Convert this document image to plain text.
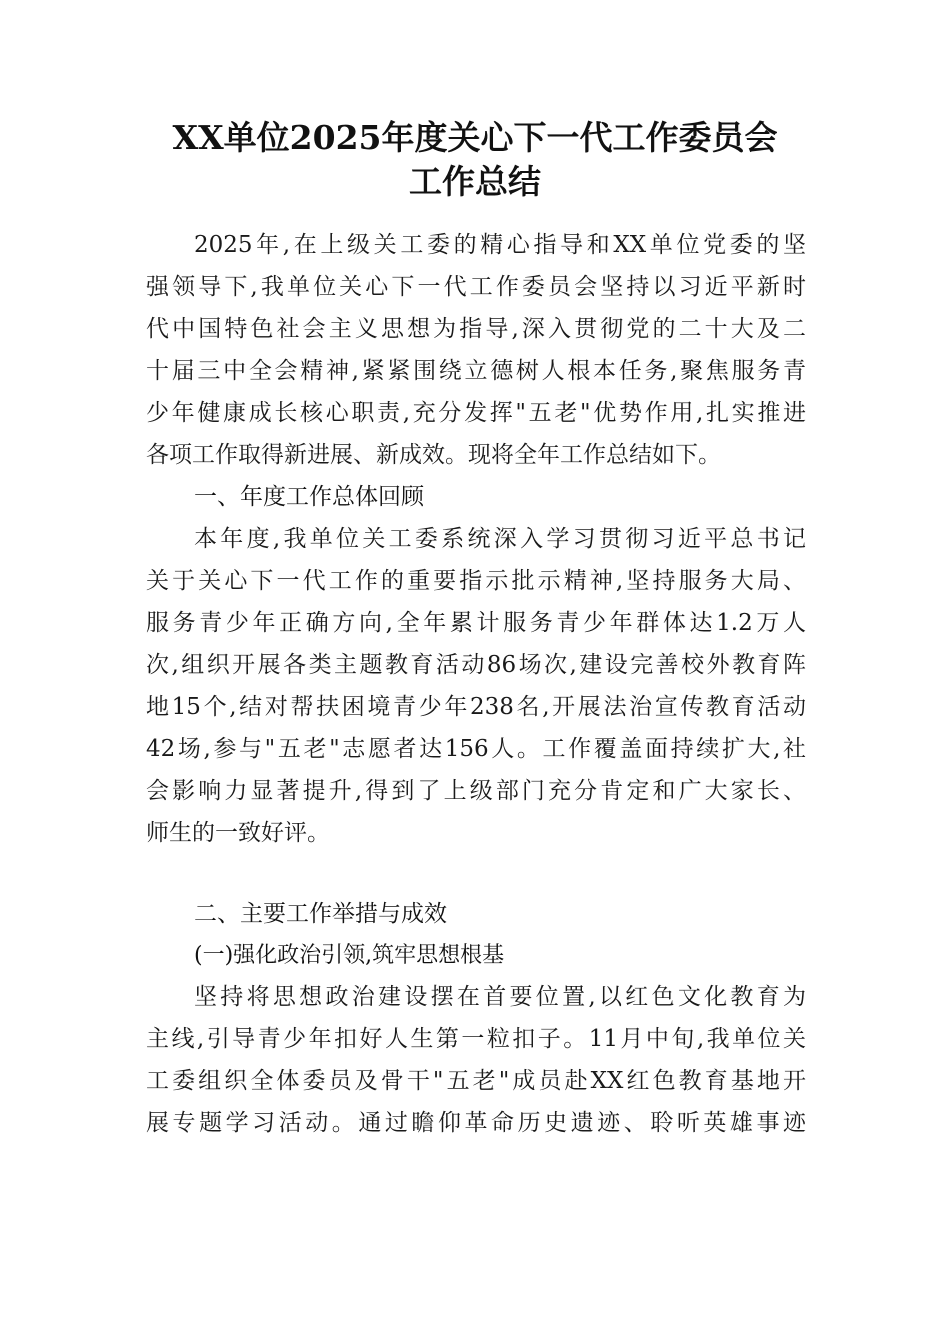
XX单位2025年度关心下一代工作委员会
工作总结
2025年,在上级关工委的精心指导和XX单位党委的坚
强领导下,我单位关心下一代工作委员会坚持以习近平新时
代中国特色社会主义思想为指导,深入贯彻党的二十大及二
十届三中全会精神,紧紧围绕立德树人根本任务,聚焦服务青
少年健康成长核心职责,充分发挥"五老"优势作用,扎实推进
各项工作取得新进展、新成效。现将全年工作总结如下。
一、年度工作总体回顾
本年度,我单位关工委系统深入学习贯彻习近平总书记
关于关心下一代工作的重要指示批示精神,坚持服务大局、
服务青少年正确方向,全年累计服务青少年群体达1.2万人
次,组织开展各类主题教育活动86场次,建设完善校外教育阵
地15个,结对帮扶困境青少年238名,开展法治宣传教育活动
42场,参与"五老"志愿者达156人。工作覆盖面持续扩大,社
会影响力显著提升,得到了上级部门充分肯定和广大家长、
师生的一致好评。
二、主要工作举措与成效
(一)强化政治引领,筑牢思想根基
坚持将思想政治建设摆在首要位置,以红色文化教育为
主线,引导青少年扣好人生第一粒扣子。11月中旬,我单位关
工委组织全体委员及骨干"五老"成员赴XX红色教育基地开
展专题学习活动。通过瞻仰革命历史遗迹、聆听英雄事迹
